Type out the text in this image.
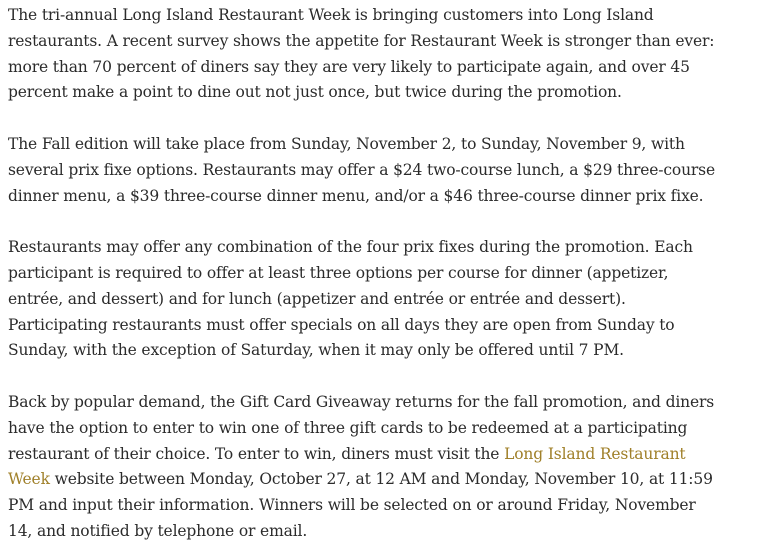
The tri-annual Long Island Restaurant Week is bringing customers into Long Island restaurants. A recent survey shows the appetite for Restaurant Week is stronger than ever: more than 70 percent of diners say they are very likely to participate again, and over 45 percent make a point to dine out not just once, but twice during the promotion.

The Fall edition will take place from Sunday, November 2, to Sunday, November 9, with several prix fixe options. Restaurants may offer a $24 two-course lunch, a $29 three-course dinner menu, a $39 three-course dinner menu, and/or a $46 three-course dinner prix fixe.

Restaurants may offer any combination of the four prix fixes during the promotion. Each participant is required to offer at least three options per course for dinner (appetizer, entrée, and dessert) and for lunch (appetizer and entrée or entrée and dessert). Participating restaurants must offer specials on all days they are open from Sunday to Sunday, with the exception of Saturday, when it may only be offered until 7 PM.

Back by popular demand, the Gift Card Giveaway returns for the fall promotion, and diners have the option to enter to win one of three gift cards to be redeemed at a participating restaurant of their choice. To enter to win, diners must visit the Long Island Restaurant Week website between Monday, October 27, at 12 AM and Monday, November 10, at 11:59 PM and input their information. Winners will be selected on or around Friday, November 14, and notified by telephone or email.
